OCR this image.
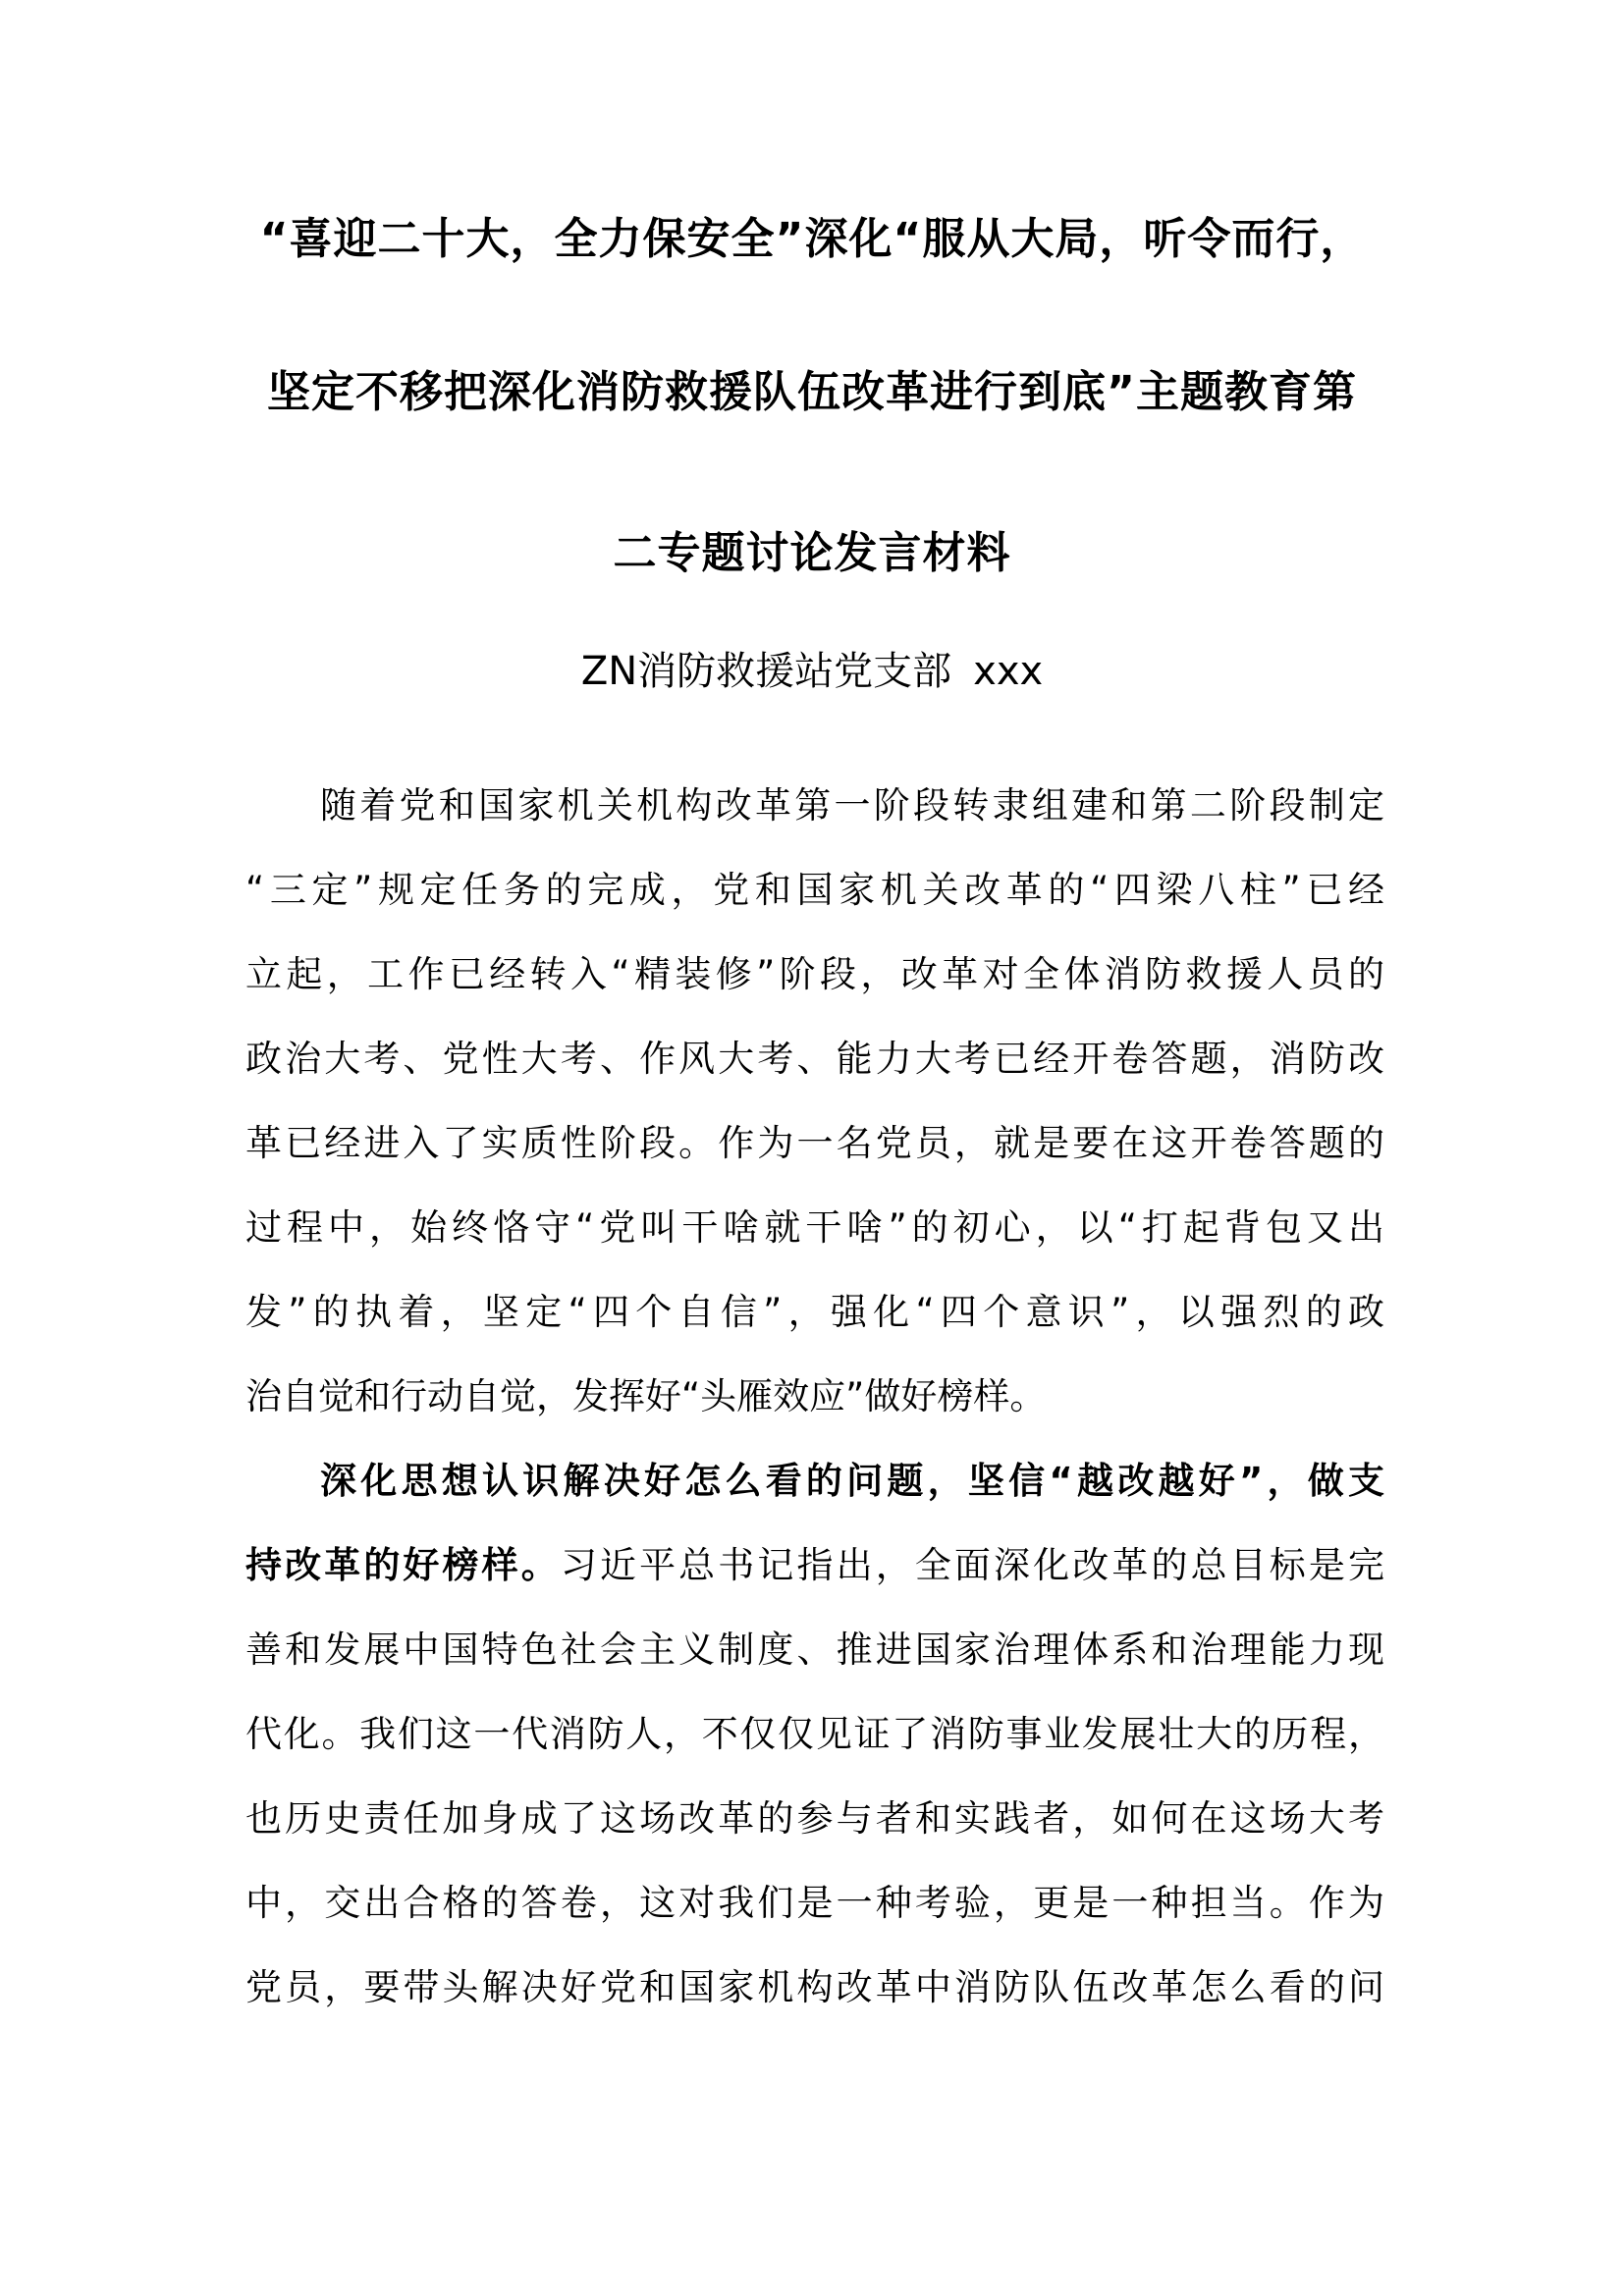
“喜迎二十大，全力保安全”深化“服从大局，听令而行，
坚定不移把深化消防救援队伍改革进行到底”主题教育第
二专题讨论发言材料
ZN消防救援站党支部 xxx
随着党和国家机关机构改革第一阶段转隶组建和第二阶段制定
“三定”规定任务的完成，党和国家机关改革的“四梁八柱”已经
立起，工作已经转入“精装修”阶段，改革对全体消防救援人员的
政治大考、党性大考、作风大考、能力大考已经开卷答题，消防改
革已经进入了实质性阶段。作为一名党员，就是要在这开卷答题的
过程中，始终恪守“党叫干啥就干啥”的初心，以“打起背包又出
发”的执着，坚定“四个自信”，强化“四个意识”，以强烈的政
治自觉和行动自觉，发挥好“头雁效应”做好榜样。
深化思想认识解决好怎么看的问题，坚信“越改越好”，做支
持改革的好榜样。习近平总书记指出，全面深化改革的总目标是完
善和发展中国特色社会主义制度、推进国家治理体系和治理能力现
代化。我们这一代消防人，不仅仅见证了消防事业发展壮大的历程，
也历史责任加身成了这场改革的参与者和实践者，如何在这场大考
中，交出合格的答卷，这对我们是一种考验，更是一种担当。作为
党员，要带头解决好党和国家机构改革中消防队伍改革怎么看的问
